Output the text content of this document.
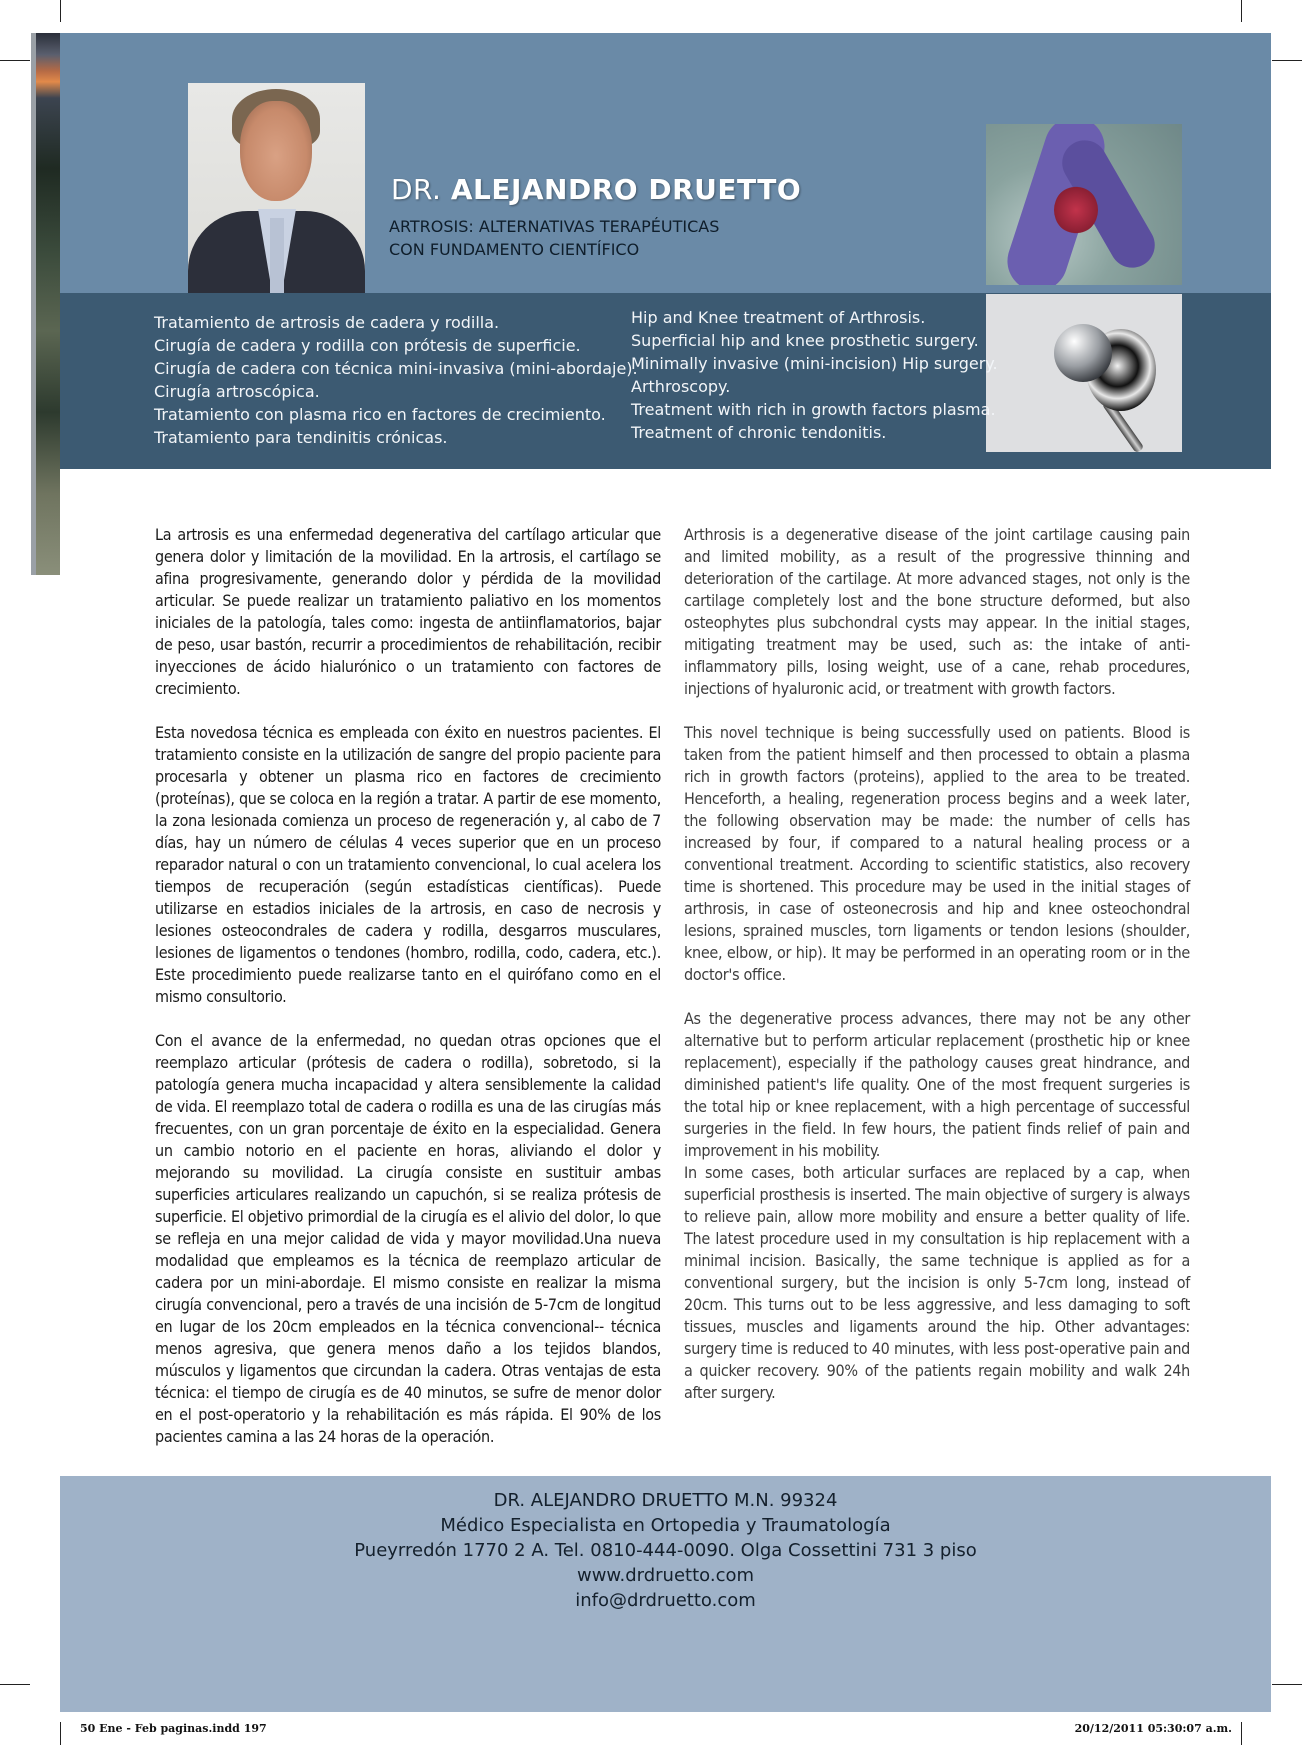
DR. ALEJANDRO DRUETTO
ARTROSIS: ALTERNATIVAS TERAPÉUTICAS
CON FUNDAMENTO CIENTÍFICO
Tratamiento de artrosis de cadera y rodilla.
Cirugía de cadera y rodilla con prótesis de superficie.
Cirugía de cadera con técnica mini-invasiva (mini-abordaje).
Cirugía artroscópica.
Tratamiento con plasma rico en factores de crecimiento.
Tratamiento para tendinitis crónicas.
Hip and Knee treatment of Arthrosis.
Superficial hip and knee prosthetic surgery.
Minimally invasive (mini-incision) Hip surgery.
Arthroscopy.
Treatment with rich in growth factors plasma.
Treatment of chronic tendonitis.

La artrosis es una enfermedad degenerativa del cartílago articular que genera dolor y limitación de la movilidad. En la artrosis, el cartílago se afina progresivamente, generando dolor y pérdida de la movilidad articular. Se puede realizar un tratamiento paliativo en los momentos iniciales de la patología, tales como: ingesta de antiinflamatorios, bajar de peso, usar bastón, recurrir a procedimientos de rehabilitación, recibir inyecciones de ácido hialurónico o un tratamiento con factores de crecimiento.

Esta novedosa técnica es empleada con éxito en nuestros pacientes. El tratamiento consiste en la utilización de sangre del propio paciente para procesarla y obtener un plasma rico en factores de crecimiento (proteínas), que se coloca en la región a tratar. A partir de ese momento, la zona lesionada comienza un proceso de regeneración y, al cabo de 7 días, hay un número de células 4 veces superior que en un proceso reparador natural o con un tratamiento convencional, lo cual acelera los tiempos de recuperación (según estadísticas científicas). Puede utilizarse en estadios iniciales de la artrosis, en caso de necrosis y lesiones osteocondrales de cadera y rodilla, desgarros musculares, lesiones de ligamentos o tendones (hombro, rodilla, codo, cadera, etc.). Este procedimiento puede realizarse tanto en el quirófano como en el mismo consultorio.

Con el avance de la enfermedad, no quedan otras opciones que el reemplazo articular (prótesis de cadera o rodilla), sobretodo, si la patología genera mucha incapacidad y altera sensiblemente la calidad de vida. El reemplazo total de cadera o rodilla es una de las cirugías más frecuentes, con un gran porcentaje de éxito en la especialidad. Genera un cambio notorio en el paciente en horas, aliviando el dolor y mejorando su movilidad. La cirugía consiste en sustituir ambas superficies articulares realizando un capuchón, si se realiza prótesis de superficie. El objetivo primordial de la cirugía es el alivio del dolor, lo que se refleja en una mejor calidad de vida y mayor movilidad.Una nueva modalidad que empleamos es la técnica de reemplazo articular de cadera por un mini-abordaje. El mismo consiste en realizar la misma cirugía convencional, pero a través de una incisión de 5-7cm de longitud en lugar de los 20cm empleados en la técnica convencional-- técnica menos agresiva, que genera menos daño a los tejidos blandos, músculos y ligamentos que circundan la cadera. Otras ventajas de esta técnica: el tiempo de cirugía es de 40 minutos, se sufre de menor dolor en el post-operatorio y la rehabilitación es más rápida. El 90% de los pacientes camina a las 24 horas de la operación.

Arthrosis is a degenerative disease of the joint cartilage causing pain and limited mobility, as a result of the progressive thinning and deterioration of the cartilage. At more advanced stages, not only is the cartilage completely lost and the bone structure deformed, but also osteophytes plus subchondral cysts may appear. In the initial stages, mitigating treatment may be used, such as: the intake of anti-inflammatory pills, losing weight, use of a cane, rehab procedures, injections of hyaluronic acid, or treatment with growth factors.

This novel technique is being successfully used on patients. Blood is taken from the patient himself and then processed to obtain a plasma rich in growth factors (proteins), applied to the area to be treated. Henceforth, a healing, regeneration process begins and a week later, the following observation may be made: the number of cells has increased by four, if compared to a natural healing process or a conventional treatment. According to scientific statistics, also recovery time is shortened. This procedure may be used in the initial stages of arthrosis, in case of osteonecrosis and hip and knee osteochondral lesions, sprained muscles, torn ligaments or tendon lesions (shoulder, knee, elbow, or hip). It may be performed in an operating room or in the doctor's office.

As the degenerative process advances, there may not be any other alternative but to perform articular replacement (prosthetic hip or knee replacement), especially if the pathology causes great hindrance, and diminished patient's life quality. One of the most frequent surgeries is the total hip or knee replacement, with a high percentage of successful surgeries in the field. In few hours, the patient finds relief of pain and improvement in his mobility.

In some cases, both articular surfaces are replaced by a cap, when superficial prosthesis is inserted. The main objective of surgery is always to relieve pain, allow more mobility and ensure a better quality of life. The latest procedure used in my consultation is hip replacement with a minimal incision. Basically, the same technique is applied as for a conventional surgery, but the incision is only 5-7cm long, instead of 20cm. This turns out to be less aggressive, and less damaging to soft tissues, muscles and ligaments around the hip. Other advantages: surgery time is reduced to 40 minutes, with less post-operative pain and a quicker recovery. 90% of the patients regain mobility and walk 24h after surgery.

DR. ALEJANDRO DRUETTO M.N. 99324
Médico Especialista en Ortopedia y Traumatología
Pueyrredón 1770 2 A. Tel. 0810-444-0090. Olga Cossettini 731 3 piso
www.drdruetto.com
info@drdruetto.com
50 Ene - Feb paginas.indd 197	20/12/2011 05:30:07 a.m.
